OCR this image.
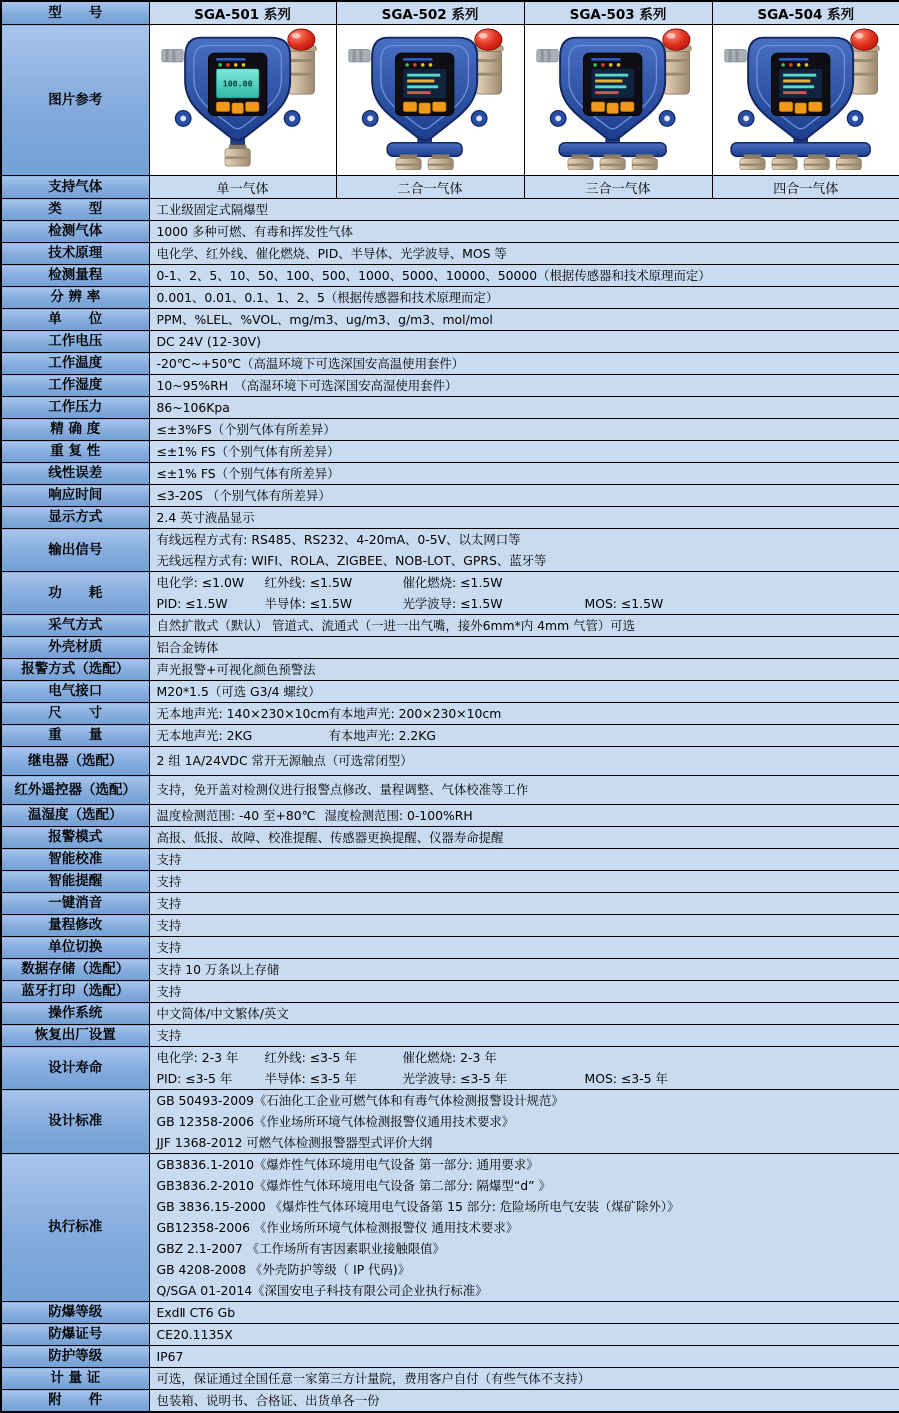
型　　号	SGA-501 系列	SGA-502 系列	SGA-503 系列	SGA-504 系列
图片参考	100.00

支持气体	单一气体	二合一气体	三合一气体	四合一气体
类　　型	工业级固定式隔爆型			

检测气体	1000 多种可燃、有毒和挥发性气体			

技术原理	电化学、红外线、催化燃烧、PID、半导体、光学波导、MOS 等			

检测量程	0-1、2、5、10、50、100、500、1000、5000、10000、50000（根据传感器和技术原理而定）			

分 辨 率	0.001、0.01、0.1、1、2、5（根据传感器和技术原理而定）			

单　　位	PPM、%LEL、%VOL、mg/m3、ug/m3、g/m3、mol/mol			

工作电压	DC 24V (12-30V)			

工作温度	-20℃~+50℃（高温环境下可选深国安高温使用套件）			

工作湿度	10~95%RH　（高湿环境下可选深国安高湿使用套件）			

工作压力	86~106Kpa			

精 确 度	≤±3%FS（个别气体有所差异）			

重 复 性	≤±1% FS（个别气体有所差异）			

线性误差	≤±1% FS（个别气体有所差异）			

响应时间	≤3-20S （个别气体有所差异）			

显示方式	2.4 英寸液晶显示			

输出信号	有线远程方式有: RS485、RS232、4-20mA、0-5V、以太网口等
无线远程方式有: WIFI、ROLA、ZIGBEE、NOB-LOT、GPRS、蓝牙等			

功　　耗	电化学: ≤1.0W 红外线: ≤1.5W 催化燃烧: ≤1.5W
PID: ≤1.5W 半导体: ≤1.5W 光学波导: ≤1.5W MOS: ≤1.5W			

采气方式	自然扩散式（默认） 管道式、流通式（一进一出气嘴，接外6mm*内 4mm 气管）可选			

外壳材质	铝合金铸体			

报警方式（选配）	声光报警+可视化颜色预警法			

电气接口	M20*1.5（可选 G3/4 螺纹）			

尺　　寸	无本地声光: 140×230×10cm有本地声光: 200×230×10cm			

重　　量	无本地声光: 2KG 有本地声光: 2.2KG			

继电器（选配）	2 组 1A/24VDC 常开无源触点（可选常闭型）			

红外遥控器（选配）	支持，免开盖对检测仪进行报警点修改、量程调整、气体校准等工作			

温湿度（选配）	温度检测范围: -40 至+80℃ 湿度检测范围: 0-100%RH			

报警模式	高报、低报、故障、校准提醒、传感器更换提醒、仪器寿命提醒			

智能校准	支持			

智能提醒	支持			

一键消音	支持			

量程修改	支持			

单位切换	支持			

数据存储（选配）	支持 10 万条以上存储			

蓝牙打印（选配）	支持			

操作系统	中文简体/中文繁体/英文			

恢复出厂设置	支持			

设计寿命	电化学: 2-3 年 红外线: ≤3-5 年 催化燃烧: 2-3 年
PID: ≤3-5 年 半导体: ≤3-5 年 光学波导: ≤3-5 年 MOS: ≤3-5 年			

设计标准	GB 50493-2009《石油化工企业可燃气体和有毒气体检测报警设计规范》
GB 12358-2006《作业场所环境气体检测报警仪通用技术要求》
JJF 1368-2012 可燃气体检测报警器型式评价大纲			

执行标准	
GB3836.1-2010《爆炸性气体环境用电气设备 第一部分: 通用要求》
GB3836.2-2010《爆炸性气体环境用电气设备 第二部分: 隔爆型“d” 》
GB 3836.15-2000 《爆炸性气体环境用电气设备第 15 部分: 危险场所电气安装（煤矿除外）》
GB12358-2006 《作业场所环境气体检测报警仪 通用技术要求》
GBZ 2.1-2007 《工作场所有害因素职业接触限值》
GB 4208-2008 《外壳防护等级（ IP 代码)》
Q/SGA 01-2014《深国安电子科技有限公司企业执行标准》

防爆等级	ExdⅡ CT6 Gb			

防爆证号	CE20.1135X			

防护等级	IP67			

计 量 证	可选，保证通过全国任意一家第三方计量院，费用客户自付（有些气体不支持）			

附　　件	包装箱、说明书、合格证、出货单各一份			
